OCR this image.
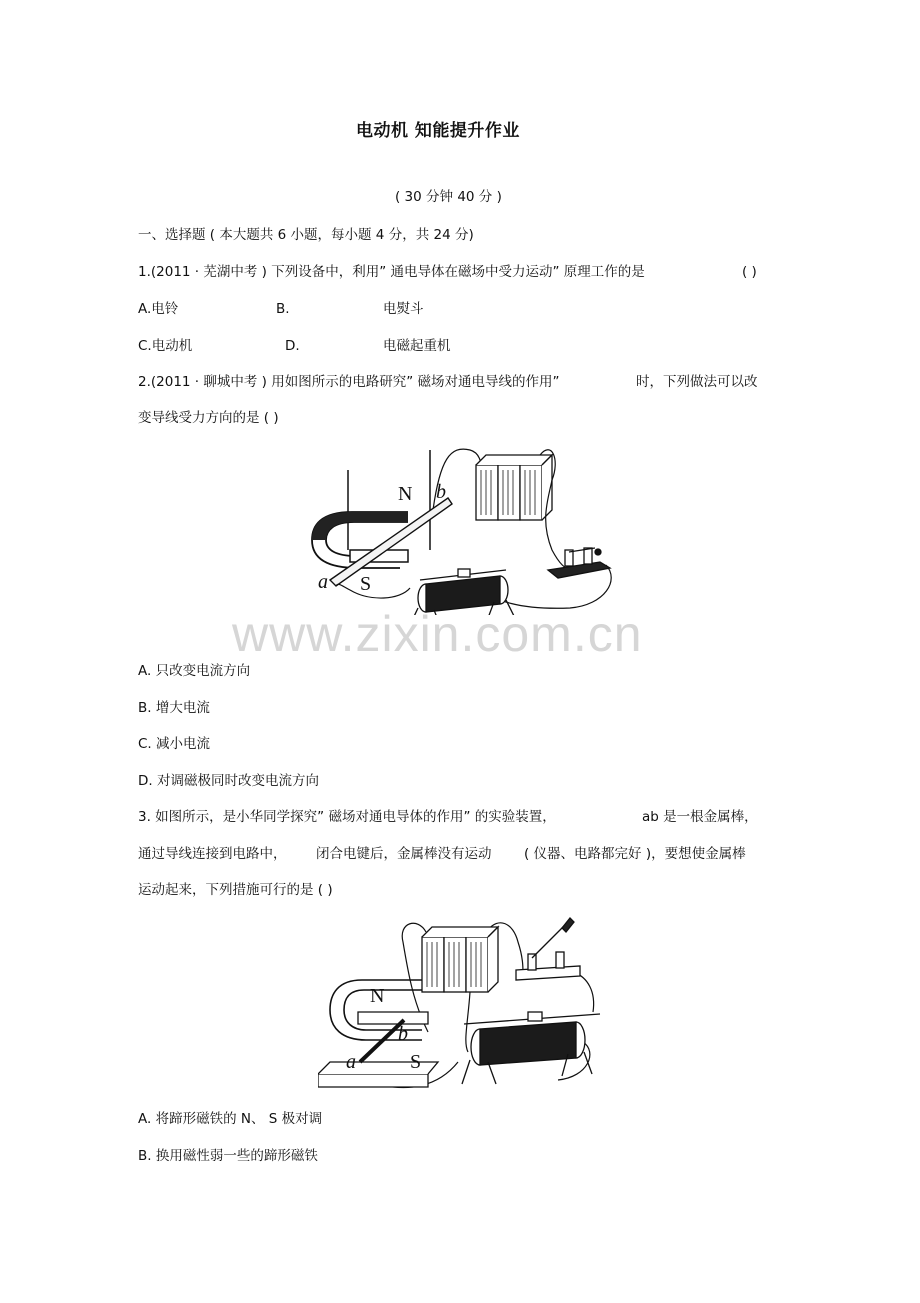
电动机 知能提升作业
( 30 分钟 40 分 )
一、选择题 ( 本大题共 6 小题，每小题 4 分，共 24 分)
1.(2011 · 芜湖中考 ) 下列设备中，利用” 通电导体在磁场中受力运动” 原理工作的是	( )
A.电铃	B.	电熨斗
C.电动机	D.	电磁起重机
2.(2011 · 聊城中考 ) 用如图所示的电路研究” 磁场对通电导线的作用”	时，下列做法可以改
变导线受力方向的是 ( )
N b
a S
www.zixin.com.cn
A. 只改变电流方向
B. 增大电流
C. 减小电流
D. 对调磁极同时改变电流方向
3. 如图所示，是小华同学探究” 磁场对通电导体的作用” 的实验装置，	ab 是一根金属棒，
通过导线连接到电路中， 闭合电键后，金属棒没有运动 ( 仪器、电路都完好 )，要想使金属棒
运动起来，下列措施可行的是 ( )
N
b
a	S
A. 将蹄形磁铁的 N、 S 极对调
B. 换用磁性弱一些的蹄形磁铁
